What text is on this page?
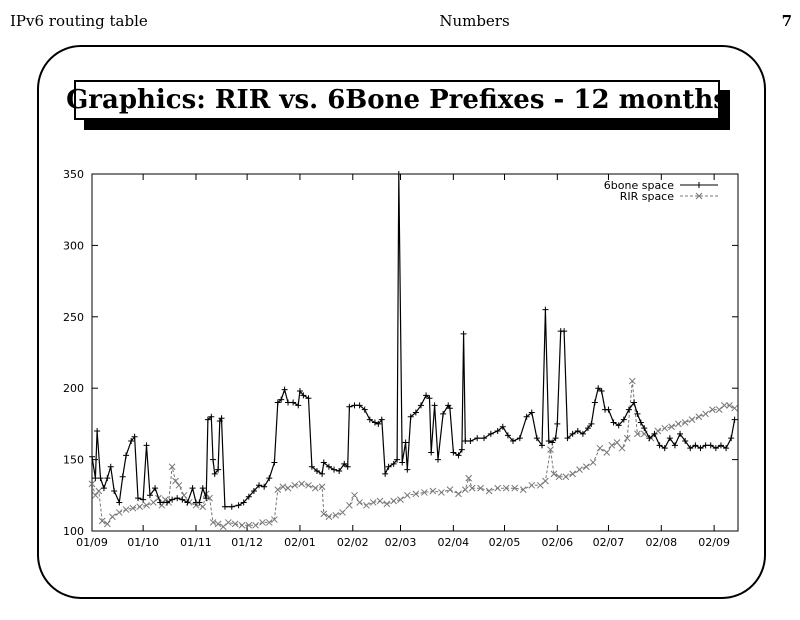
IPv6 routing table	Numbers	7
Graphics: RIR vs. 6Bone Prefixes - 12 months
100
150
200
250
300
350
01/09 01/10 01/11 01/12 02/01 02/02 02/03 02/04 02/05 02/06 02/07 02/08 02/09
6bone space
RIR space
